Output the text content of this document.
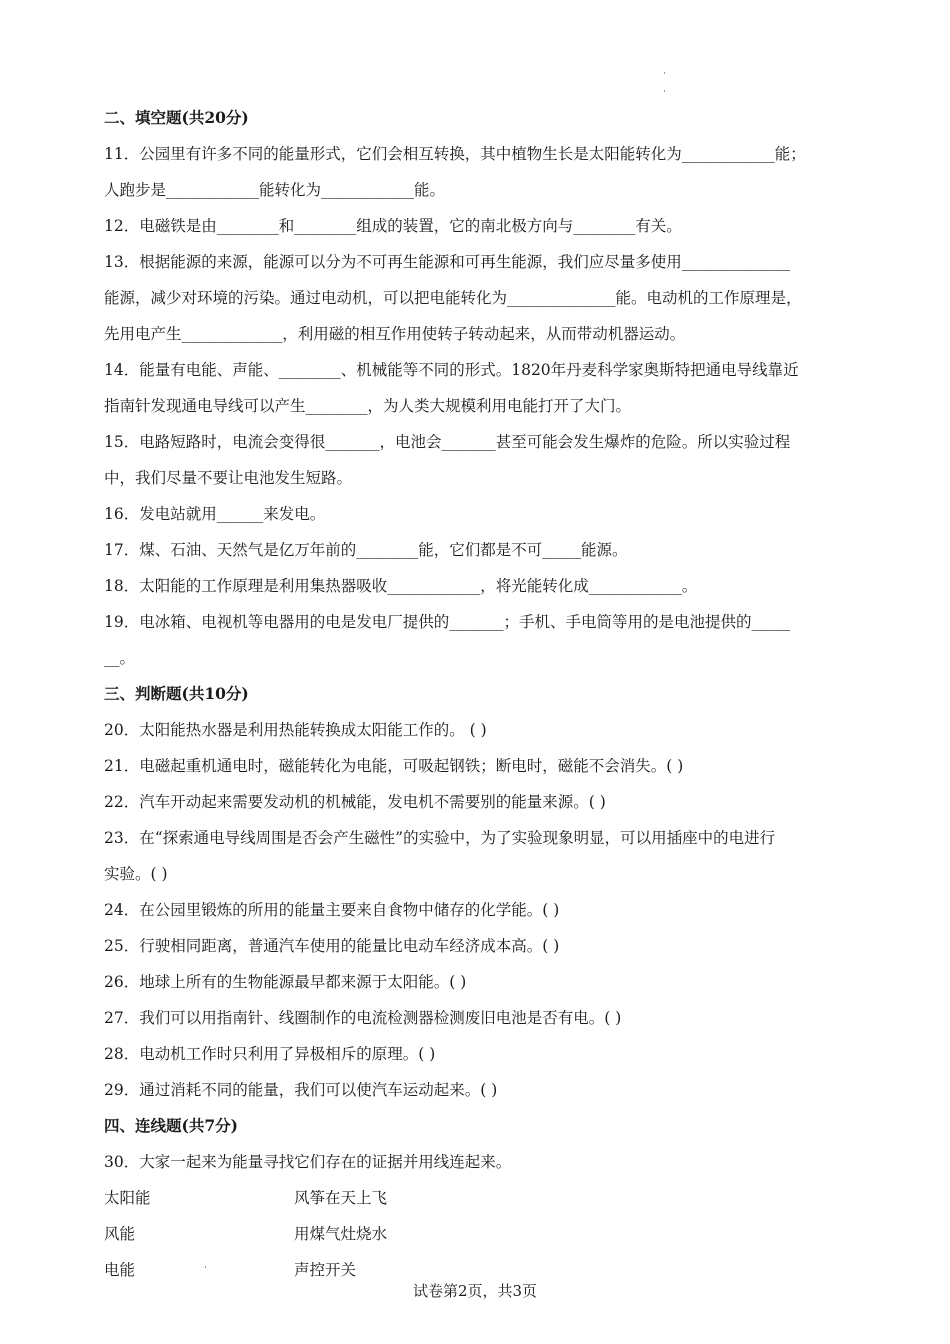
二、填空题(共20分)
11．公园里有许多不同的能量形式，它们会相互转换，其中植物生长是太阳能转化为____________能；
人跑步是____________能转化为____________能。
12．电磁铁是由________和________组成的装置，它的南北极方向与________有关。
13．根据能源的来源，能源可以分为不可再生能源和可再生能源，我们应尽量多使用______________
能源，减少对环境的污染。通过电动机，可以把电能转化为______________能。电动机的工作原理是，
先用电产生_____________，利用磁的相互作用使转子转动起来，从而带动机器运动。
14．能量有电能、声能、________、机械能等不同的形式。1820年丹麦科学家奥斯特把通电导线靠近
指南针发现通电导线可以产生________，为人类大规模利用电能打开了大门。
15．电路短路时，电流会变得很_______，电池会_______甚至可能会发生爆炸的危险。所以实验过程
中，我们尽量不要让电池发生短路。
16．发电站就用______来发电。
17．煤、石油、天然气是亿万年前的________能，它们都是不可_____能源。
18．太阳能的工作原理是利用集热器吸收____________，将光能转化成____________。
19．电冰箱、电视机等电器用的电是发电厂提供的_______；手机、手电筒等用的是电池提供的_____
__。
三、判断题(共10分)
20．太阳能热水器是利用热能转换成太阳能工作的。 ( )
21．电磁起重机通电时，磁能转化为电能，可吸起钢铁；断电时，磁能不会消失。( )
22．汽车开动起来需要发动机的机械能，发电机不需要别的能量来源。( )
23．在“探索通电导线周围是否会产生磁性”的实验中，为了实验现象明显，可以用插座中的电进行
实验。( )
24．在公园里锻炼的所用的能量主要来自食物中储存的化学能。( )
25．行驶相同距离，普通汽车使用的能量比电动车经济成本高。( )
26．地球上所有的生物能源最早都来源于太阳能。( )
27．我们可以用指南针、线圈制作的电流检测器检测废旧电池是否有电。( )
28．电动机工作时只利用了异极相斥的原理。( )
29．通过消耗不同的能量，我们可以使汽车运动起来。( )
四、连线题(共7分)
30．大家一起来为能量寻找它们存在的证据并用线连起来。
太阳能	风筝在天上飞
风能	用煤气灶烧水
电能	声控开关
试卷第2页，共3页
